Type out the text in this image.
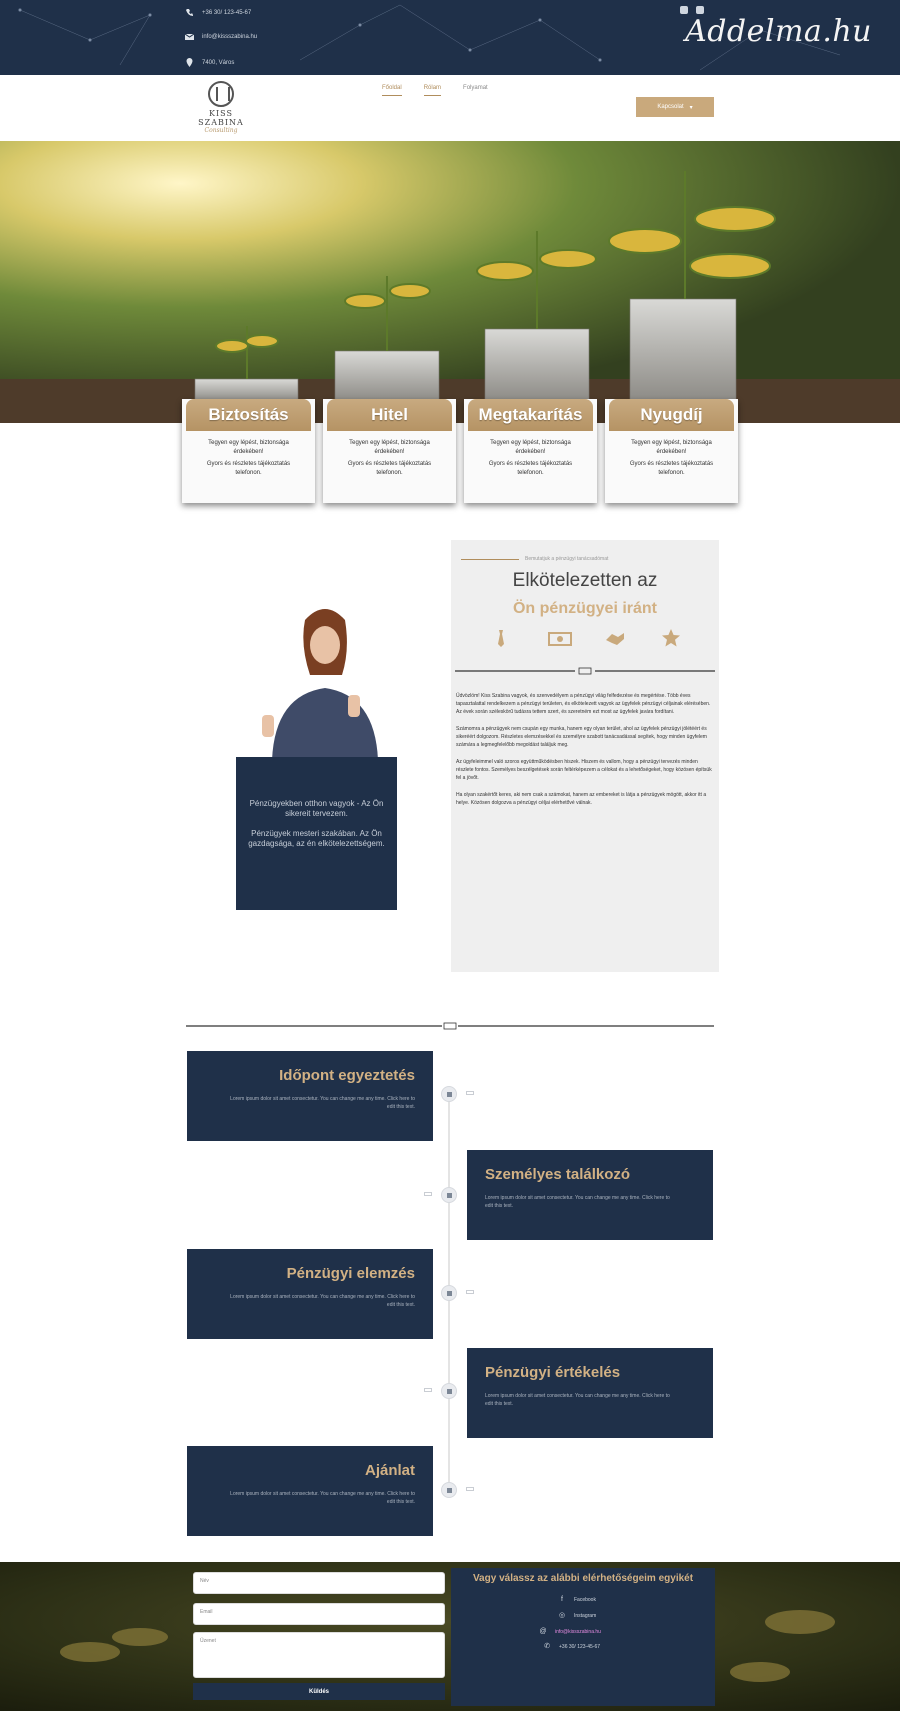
+36 30/ 123-45-67
info@kissszabina.hu
7400, Város
Addelma.hu
KISS SZABINA
Consulting
Főoldal	Rólam	Folyamat
Kapcsolat ▾
Biztosítás
Tegyen egy lépést, biztonsága
érdekében!
Gyors és részletes tájékoztatás
telefonon.
Hitel
Tegyen egy lépést, biztonsága
érdekében!
Gyors és részletes tájékoztatás
telefonon.
Megtakarítás
Tegyen egy lépést, biztonsága
érdekében!
Gyors és részletes tájékoztatás
telefonon.
Nyugdíj
Tegyen egy lépést, biztonsága
érdekében!
Gyors és részletes tájékoztatás
telefonon.

Pénzügyekben otthon vagyok - Az Ön sikereit tervezem.

Pénzügyek mesteri szakában. Az Ön gazdagsága, az én elkötelezettségem.

Bemutatjuk a pénzügyi tanácsadómat
Elkötelezetten az
Ön pénzügyei iránt

Üdvözlöm! Kiss Szabina vagyok, és szenvedélyem a pénzügyi világ felfedezése és megértése. Több éves tapasztalattal rendelkezem a pénzügyi területen, és elkötelezett vagyok az ügyfelek pénzügyi céljainak elérésében. Az évek során széleskörű tudásra tettem szert, és szeretném ezt most az ügyfelek javára fordítani.

Számomra a pénzügyek nem csupán egy munka, hanem egy olyan terület, ahol az ügyfelek pénzügyi jólétéért és sikeréért dolgozom. Részletes elemzésekkel és személyre szabott tanácsadással segítek, hogy minden ügyfelem számára a legmegfelelőbb megoldást találjuk meg.

Az ügyfeleimmel való szoros együttműködésben hiszek. Hiszem és vallom, hogy a pénzügyi tervezés minden részlete fontos. Személyes beszélgetések során feltérképezem a célokat és a lehetőségeket, hogy közösen építsük fel a jövőt.

Ha olyan szakértőt keres, aki nem csak a számokat, hanem az embereket is látja a pénzügyek mögött, akkor itt a helye. Közösen dolgozva a pénzügyi céljai elérhetővé válnak.

Időpont egyeztetés
Lorem ipsum dolor sit amet consectetur. You can change me any time. Click here to edit this text.
Személyes találkozó
Lorem ipsum dolor sit amet consectetur. You can change me any time. Click here to edit this text.
Pénzügyi elemzés
Lorem ipsum dolor sit amet consectetur. You can change me any time. Click here to edit this text.
Pénzügyi értékelés
Lorem ipsum dolor sit amet consectetur. You can change me any time. Click here to edit this text.
Ajánlat
Lorem ipsum dolor sit amet consectetur. You can change me any time. Click here to edit this text.
Név
Email
Üzenet
Küldés
Vagy válassz az alábbi elérhetőségeim egyikét
f	Facebook
◎ Instagram
@ info@kissszabina.hu
✆ +36 30/ 123-45-67
